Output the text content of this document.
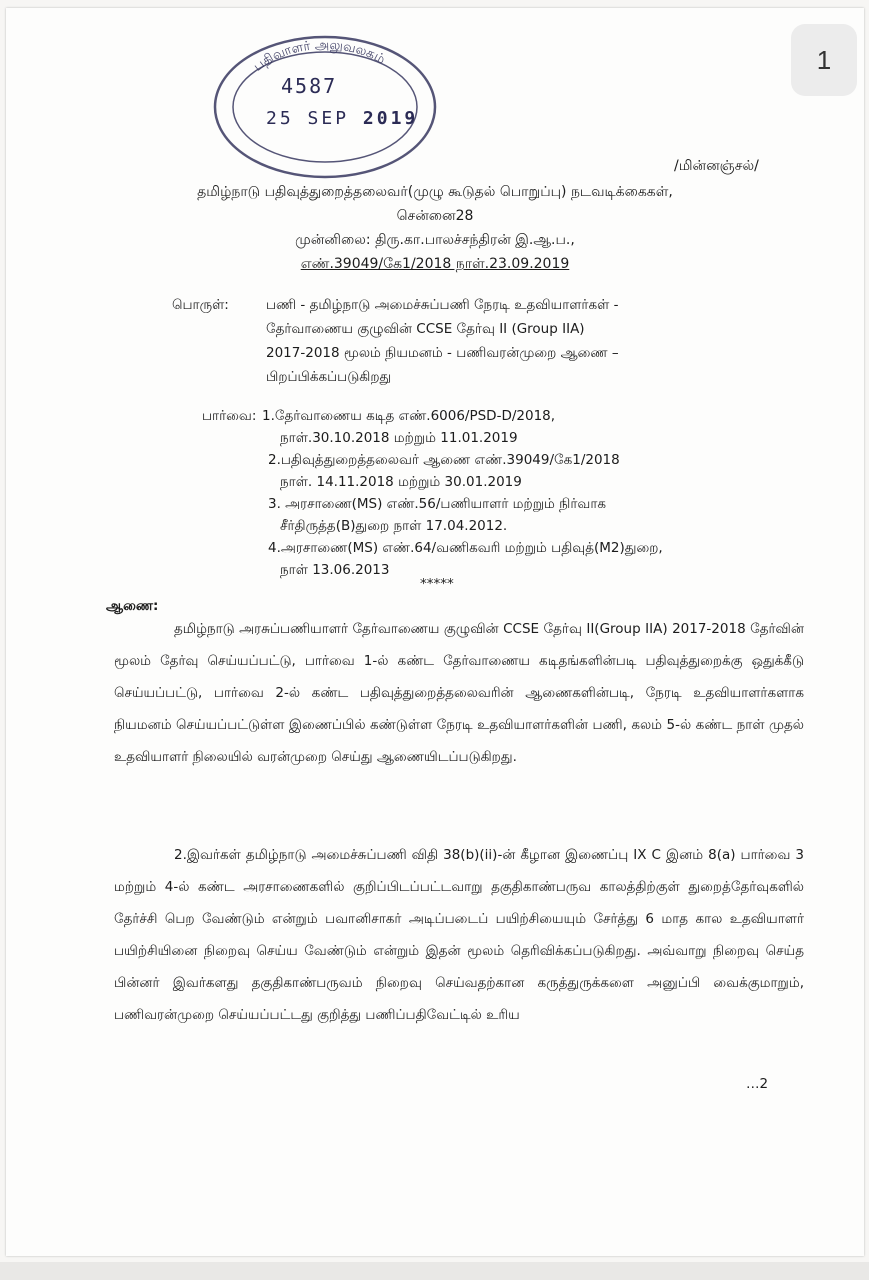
பதிவாளர் அலுவலகம்
4587
25 SEP 2019
/மின்னஞ்சல்/
தமிழ்நாடு பதிவுத்துறைத்தலைவர்(முழு கூடுதல் பொறுப்பு) நடவடிக்கைகள்,
சென்னை28
முன்னிலை: திரு.கா.பாலச்சந்திரன் இ.ஆ.ப.,
எண்.39049/கே1/2018 நாள்.23.09.2019
பொருள்:	பணி - தமிழ்நாடு அமைச்சுப்பணி நேரடி உதவியாளர்கள் -
தேர்வாணைய குழுவின் CCSE தேர்வு II (Group IIA)
2017-2018 மூலம் நியமனம் - பணிவரன்முறை ஆணை –
பிறப்பிக்கப்படுகிறது
பார்வை: 1.தேர்வாணைய கடித எண்.6006/PSD-D/2018,
நாள்.30.10.2018 மற்றும் 11.01.2019
2.பதிவுத்துறைத்தலைவர் ஆணை எண்.39049/கே1/2018
நாள். 14.11.2018 மற்றும் 30.01.2019
3. அரசாணை(MS) எண்.56/பணியாளர் மற்றும் நிர்வாக
சீர்திருத்த(B)துறை நாள் 17.04.2012.
4.அரசாணை(MS) எண்.64/வணிகவரி மற்றும் பதிவுத்(M2)துறை,
நாள் 13.06.2013
*****
ஆணை:
தமிழ்நாடு அரசுப்பணியாளர் தேர்வாணைய குழுவின் CCSE தேர்வு II(Group IIA) 2017-2018 தேர்வின் மூலம் தேர்வு செய்யப்பட்டு, பார்வை 1-ல் கண்ட தேர்வாணைய கடிதங்களின்படி பதிவுத்துறைக்கு ஒதுக்கீடு செய்யப்பட்டு, பார்வை 2-ல் கண்ட பதிவுத்துறைத்தலைவரின் ஆணைகளின்படி, நேரடி உதவியாளர்களாக நியமனம் செய்யப்பட்டுள்ள இணைப்பில் கண்டுள்ள நேரடி உதவியாளர்களின் பணி, கலம் 5-ல் கண்ட நாள் முதல் உதவியாளர் நிலையில் வரன்முறை செய்து ஆணையிடப்படுகிறது.
2.இவர்கள் தமிழ்நாடு அமைச்சுப்பணி விதி 38(b)(ii)-ன் கீழான இணைப்பு IX C இனம் 8(a) பார்வை 3 மற்றும் 4-ல் கண்ட அரசாணைகளில் குறிப்பிடப்பட்டவாறு தகுதிகாண்பருவ காலத்திற்குள் துறைத்தேர்வுகளில் தேர்ச்சி பெற வேண்டும் என்றும் பவானிசாகர் அடிப்படைப் பயிற்சியையும் சேர்த்து 6 மாத கால உதவியாளர் பயிற்சியினை நிறைவு செய்ய வேண்டும் என்றும் இதன் மூலம் தெரிவிக்கப்படுகிறது. அவ்வாறு நிறைவு செய்த பின்னர் இவர்களது தகுதிகாண்பருவம் நிறைவு செய்வதற்கான கருத்துருக்களை அனுப்பி வைக்குமாறும், பணிவரன்முறை செய்யப்பட்டது குறித்து பணிப்பதிவேட்டில் உரிய
…2
1
